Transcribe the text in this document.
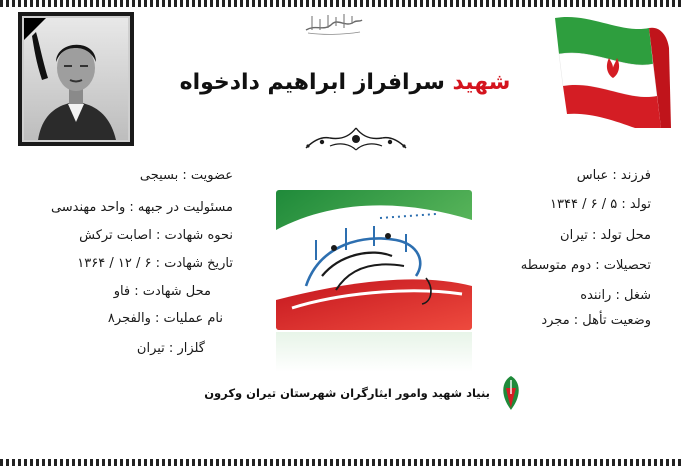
شهید سرافراز ابراهیم دادخواه
فرزند : عباس
تولد : ۵ / ۶ / ۱۳۴۴
محل تولد : تیران
تحصیلات : دوم متوسطه
شغل : راننده
وضعیت تأهل : مجرد
عضویت : بسیجی
مسئولیت در جبهه : واحد مهندسی
نحوه شهادت : اصابت ترکش
تاریخ شهادت : ۶ / ۱۲ / ۱۳۶۴
محل شهادت : فاو
نام عملیات : والفجر۸
گلزار : تیران
بنیاد شهید وامور ایثارگران شهرستان تیران وکرون
